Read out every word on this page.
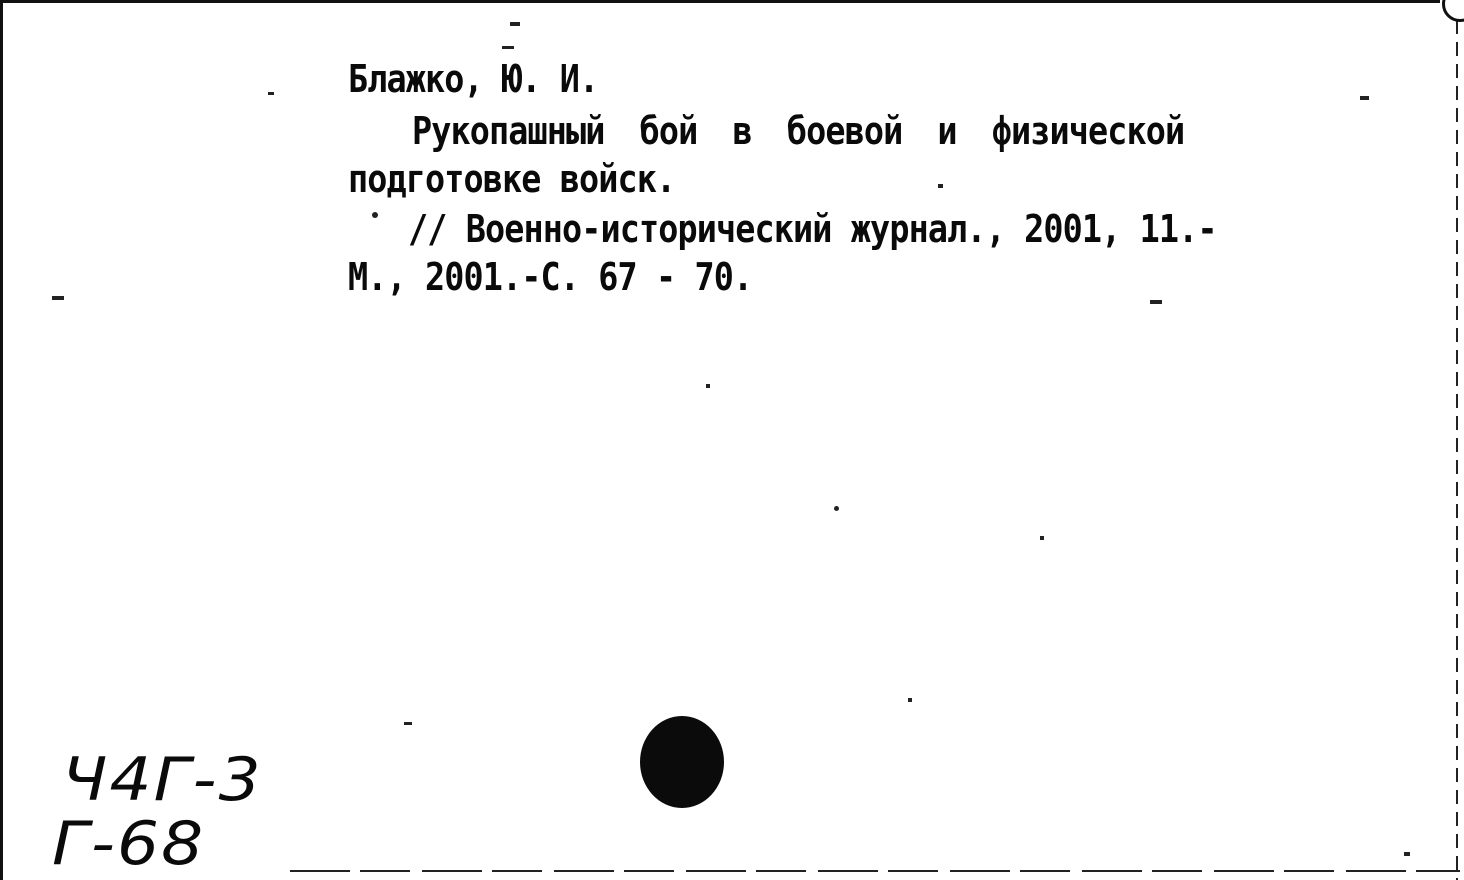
Блажко, Ю. И.
Рукопашный бой в боевой и физической
подготовке войск.
// Военно-исторический журнал., 2001, 11.-
М., 2001.-С. 67 - 70.
Ч4Г-3
Г-68
